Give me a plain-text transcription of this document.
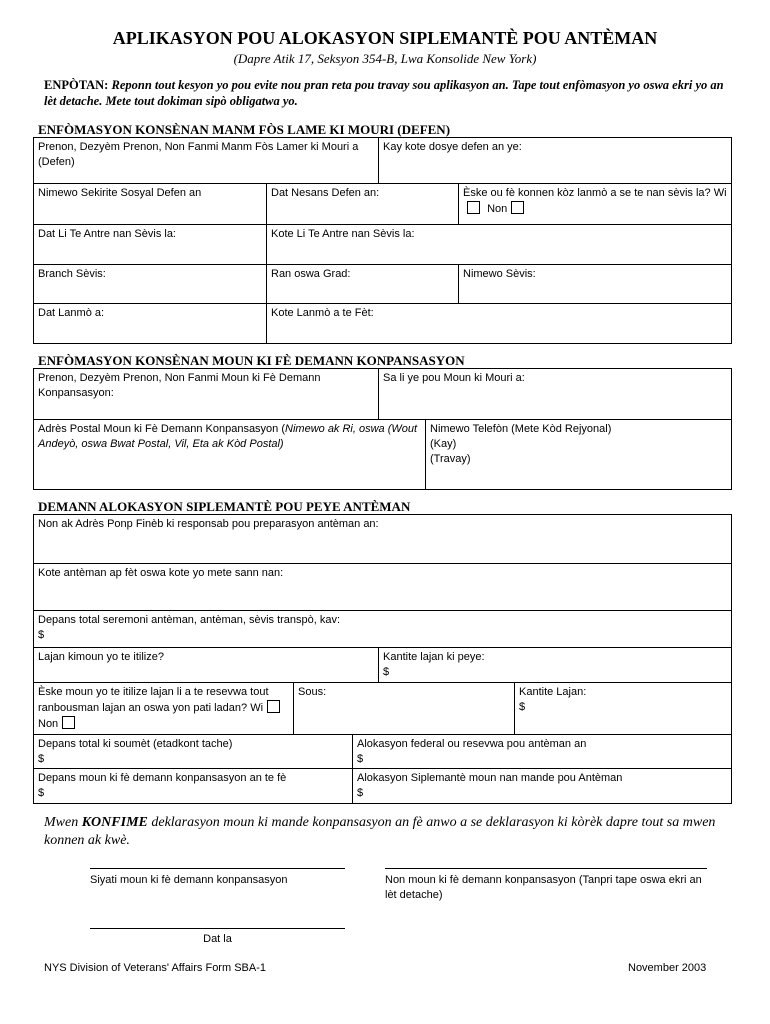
APLIKASYON POU ALOKASYON SIPLEMANTÈ POU ANTÈMAN
(Dapre Atik 17, Seksyon 354-B, Lwa Konsolide New York)
ENPÒTAN: Reponn tout kesyon yo pou evite nou pran reta pou travay sou aplikasyon an. Tape tout enfòmasyon yo oswa ekri yo an lèt detache. Mete tout dokiman sipò obligatwa yo.
ENFÒMASYON KONSÈNAN MANM FÒS LAME KI MOURI (DEFEN)
Prenon, Dezyèm Prenon, Non Fanmi Manm Fòs Lamer ki Mouri a (Defen)
Kay kote dosye defen an ye:
Nimewo Sekirite Sosyal Defen an	Dat Nesans Defen an:	Èske ou fè konnen kòz lanmò a se te nan sèvis la? Wi Non
Dat Li Te Antre nan Sèvis la:	Kote Li Te Antre nan Sèvis la:
Branch Sèvis:	Ran oswa Grad:	Nimewo Sèvis:
Dat Lanmò a:	Kote Lanmò a te Fèt:
ENFÒMASYON KONSÈNAN MOUN KI FÈ DEMANN KONPANSASYON
Prenon, Dezyèm Prenon, Non Fanmi Moun ki Fè Demann Konpansasyon:
Sa li ye pou Moun ki Mouri a:
Adrès Postal Moun ki Fè Demann Konpansasyon (Nimewo ak Ri, oswa (Wout Andeyò, oswa Bwat Postal, Vil, Eta ak Kòd Postal)
Nimewo Telefòn (Mete Kòd Rejyonal)
(Kay)
(Travay)
DEMANN ALOKASYON SIPLEMANTÈ POU PEYE ANTÈMAN
Non ak Adrès Ponp Finèb ki responsab pou preparasyon antèman an:
Kote antèman ap fèt oswa kote yo mete sann nan:
Depans total seremoni antèman, antèman, sèvis transpò, kav:
$
Lajan kimoun yo te itilize?	Kantite lajan ki peye:
$
Èske moun yo te itilize lajan li a te resevwa tout ranbousman lajan an oswa yon pati ladan? Wi Non
Sous:	Kantite Lajan:
$
Depans total ki soumèt (etadkont tache)
$
Alokasyon federal ou resevwa pou antèman an
$
Depans moun ki fè demann konpansasyon an te fè
$
Alokasyon Siplemantè moun nan mande pou Antèman
$
Mwen KONFIME deklarasyon moun ki mande konpansasyon an fè anwo a se deklarasyon ki kòrèk dapre tout sa mwen konnen ak kwè.
Siyati moun ki fè demann konpansasyon	Non moun ki fè demann konpansasyon (Tanpri tape oswa ekri an lèt detache)
Dat la
NYS Division of Veterans' Affairs Form SBA-1	November 2003
